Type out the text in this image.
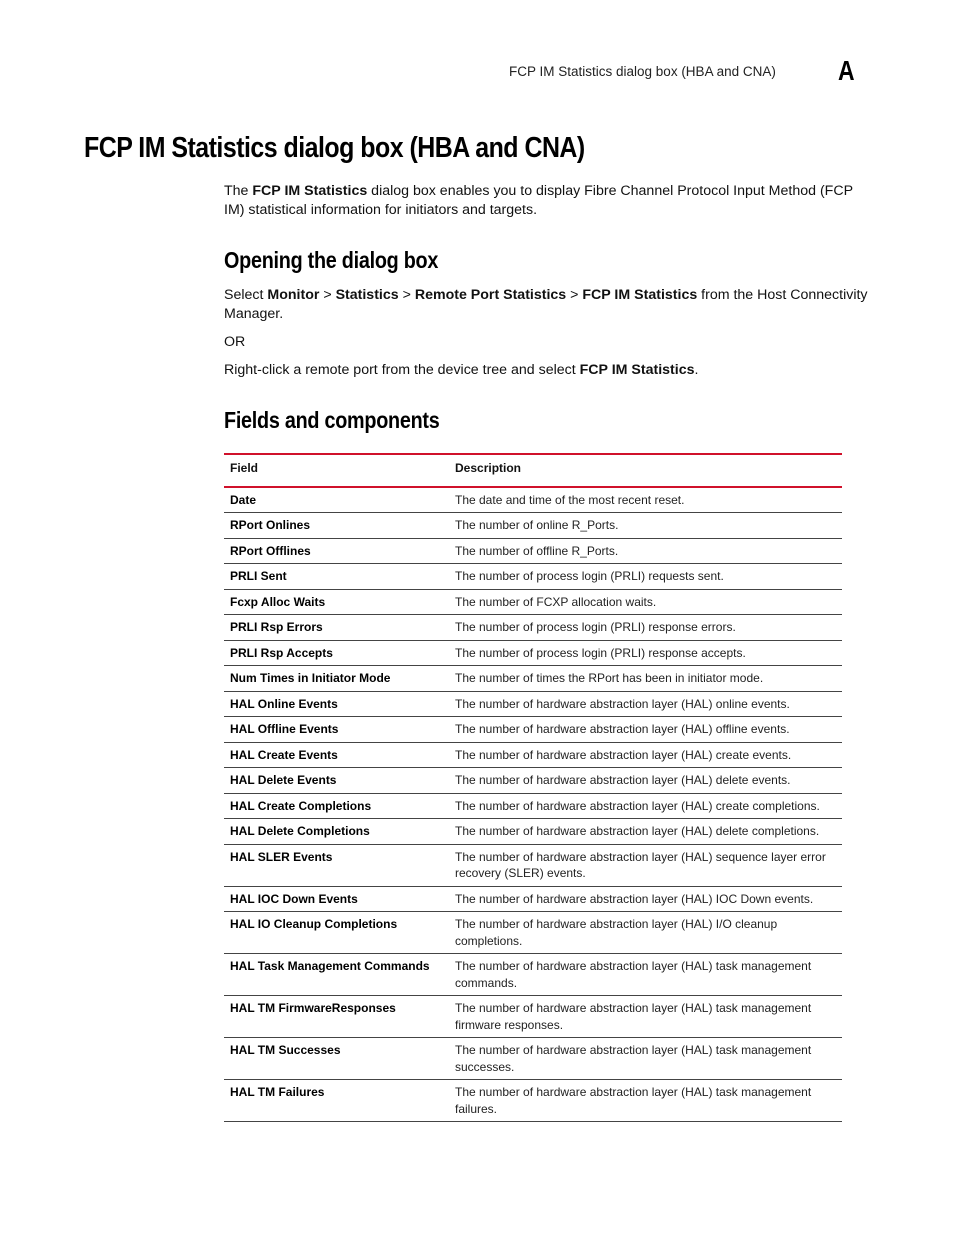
FCP IM Statistics dialog box (HBA and CNA) A
FCP IM Statistics dialog box (HBA and CNA)

The FCP IM Statistics dialog box enables you to display Fibre Channel Protocol Input Method (FCP IM) statistical information for initiators and targets.

Opening the dialog box

Select Monitor > Statistics > Remote Port Statistics > FCP IM Statistics from the Host Connectivity Manager.

OR

Right-click a remote port from the device tree and select FCP IM Statistics.

Fields and components
Field	Description
Date	The date and time of the most recent reset.
RPort Onlines	The number of online R_Ports.
RPort Offlines	The number of offline R_Ports.
PRLI Sent	The number of process login (PRLI) requests sent.
Fcxp Alloc Waits	The number of FCXP allocation waits.
PRLI Rsp Errors	The number of process login (PRLI) response errors.
PRLI Rsp Accepts	The number of process login (PRLI) response accepts.
Num Times in Initiator Mode	The number of times the RPort has been in initiator mode.
HAL Online Events	The number of hardware abstraction layer (HAL) online events.
HAL Offline Events	The number of hardware abstraction layer (HAL) offline events.
HAL Create Events	The number of hardware abstraction layer (HAL) create events.
HAL Delete Events	The number of hardware abstraction layer (HAL) delete events.
HAL Create Completions	The number of hardware abstraction layer (HAL) create completions.
HAL Delete Completions	The number of hardware abstraction layer (HAL) delete completions.
HAL SLER Events	The number of hardware abstraction layer (HAL) sequence layer error recovery (SLER) events.
HAL IOC Down Events	The number of hardware abstraction layer (HAL) IOC Down events.
HAL IO Cleanup Completions	The number of hardware abstraction layer (HAL) I/O cleanup completions.
HAL Task Management Commands	The number of hardware abstraction layer (HAL) task management commands.
HAL TM FirmwareResponses	The number of hardware abstraction layer (HAL) task management firmware responses.
HAL TM Successes	The number of hardware abstraction layer (HAL) task management successes.
HAL TM Failures	The number of hardware abstraction layer (HAL) task management failures.
